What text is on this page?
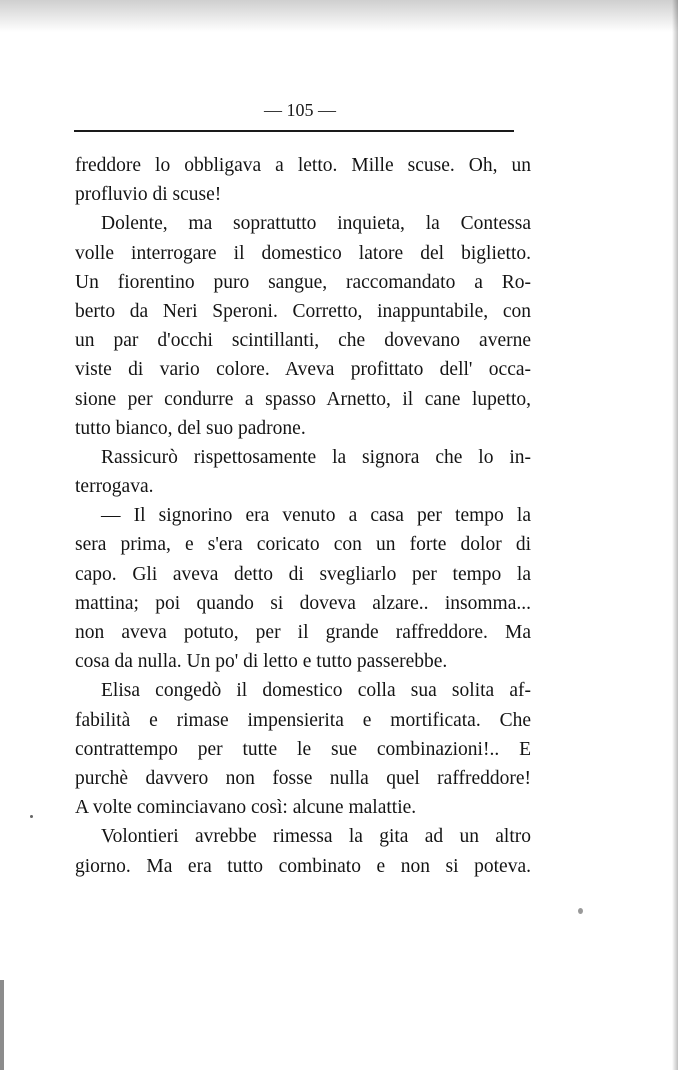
— 105 —
freddore lo obbligava a letto. Mille scuse. Oh, un
profluvio di scuse!
Dolente, ma soprattutto inquieta, la Contessa
volle interrogare il domestico latore del biglietto.
Un fiorentino puro sangue, raccomandato a Ro-
berto da Neri Speroni. Corretto, inappuntabile, con
un par d'occhi scintillanti, che dovevano averne
viste di vario colore. Aveva profittato dell' occa-
sione per condurre a spasso Arnetto, il cane lupetto,
tutto bianco, del suo padrone.
Rassicurò rispettosamente la signora che lo in-
terrogava.
— Il signorino era venuto a casa per tempo la
sera prima, e s'era coricato con un forte dolor di
capo. Gli aveva detto di svegliarlo per tempo la
mattina; poi quando si doveva alzare.. insomma...
non aveva potuto, per il grande raffreddore. Ma
cosa da nulla. Un po' di letto e tutto passerebbe.
Elisa congedò il domestico colla sua solita af-
fabilità e rimase impensierita e mortificata. Che
contrattempo per tutte le sue combinazioni!.. E
purchè davvero non fosse nulla quel raffreddore!
A volte cominciavano così: alcune malattie.
Volontieri avrebbe rimessa la gita ad un altro
giorno. Ma era tutto combinato e non si poteva.
